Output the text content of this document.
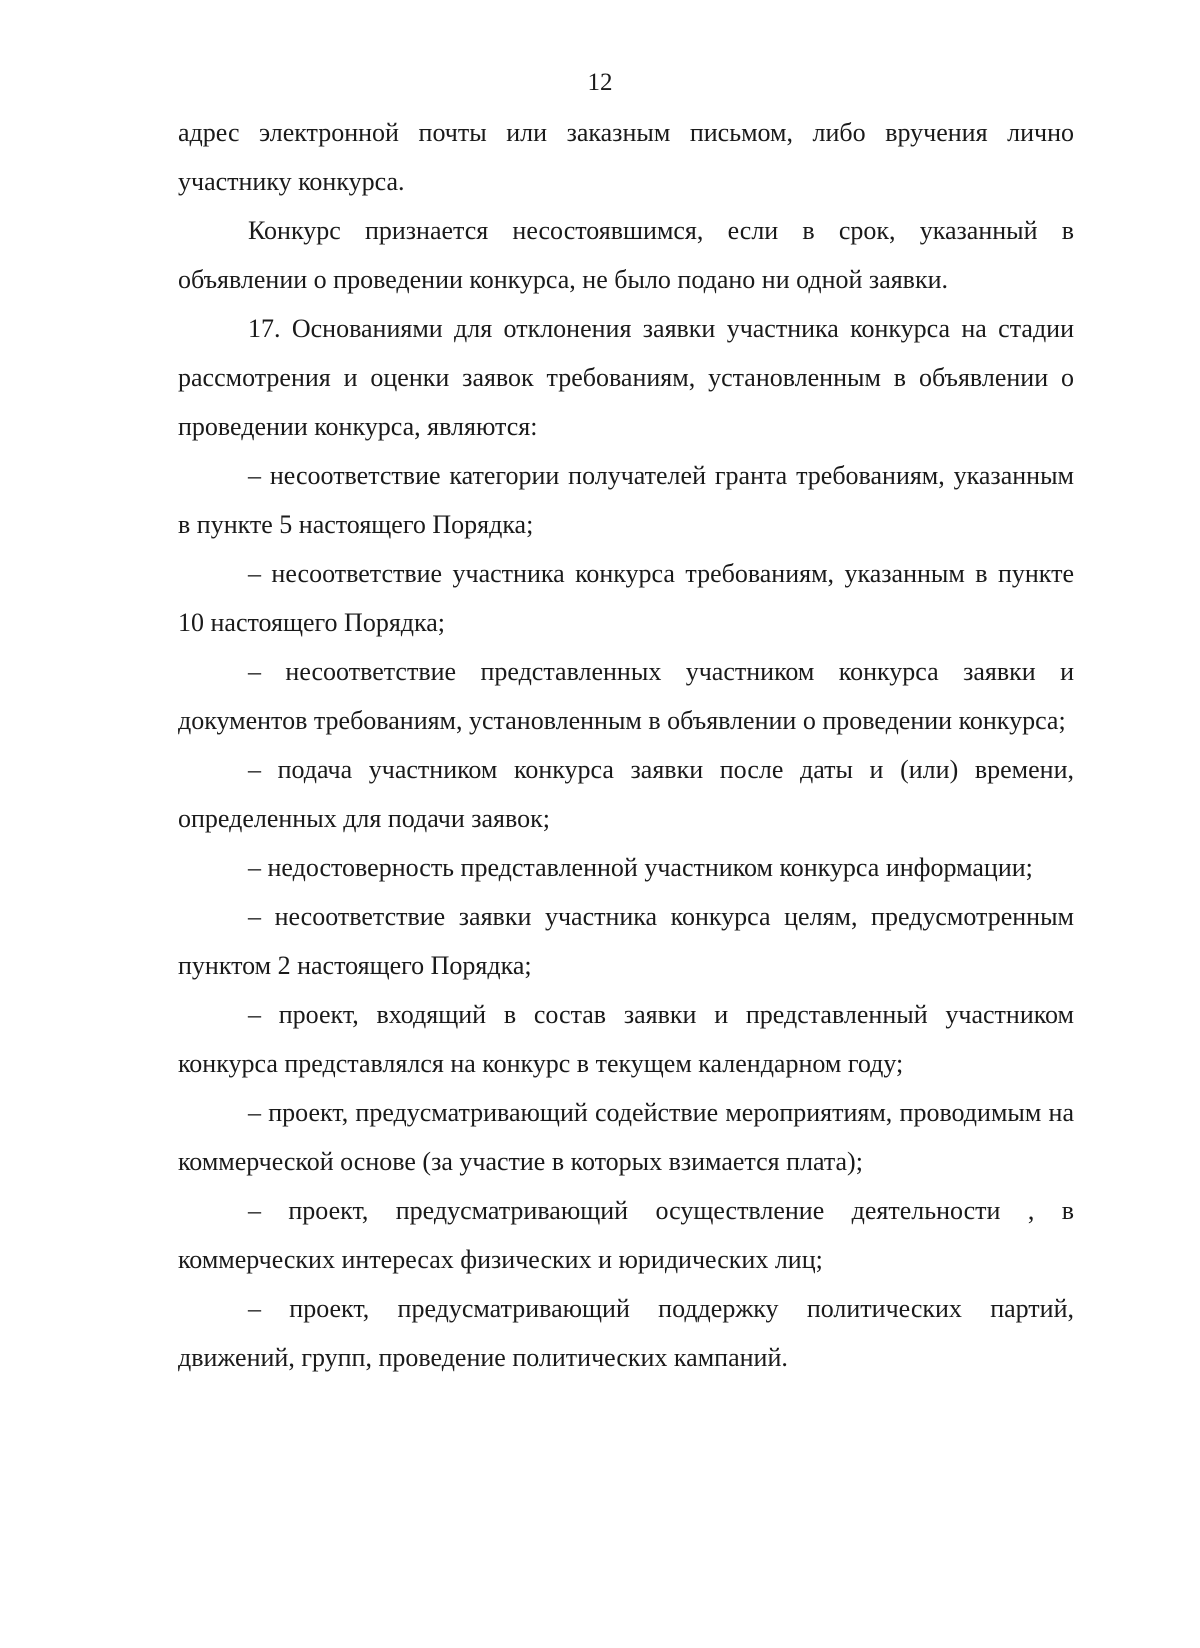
12

адрес электронной почты или заказным письмом, либо вручения лично участнику конкурса.

Конкурс признается несостоявшимся, если в срок, указанный в объявлении о проведении конкурса, не было подано ни одной заявки.

17. Основаниями для отклонения заявки участника конкурса на стадии рассмотрения и оценки заявок требованиям, установленным в объявлении о проведении конкурса, являются:

– несоответствие категории получателей гранта требованиям, указанным в пункте 5 настоящего Порядка;

– несоответствие участника конкурса требованиям, указанным в пункте 10 настоящего Порядка;

– несоответствие представленных участником конкурса заявки и документов требованиям, установленным в объявлении о проведении конкурса;

– подача участником конкурса заявки после даты и (или) времени, определенных для подачи заявок;

– недостоверность представленной участником конкурса информации;

– несоответствие заявки участника конкурса целям, предусмотренным пунктом 2 настоящего Порядка;

– проект, входящий в состав заявки и представленный участником конкурса представлялся на конкурс в текущем календарном году;

– проект, предусматривающий содействие мероприятиям, проводимым на коммерческой основе (за участие в которых взимается плата);

– проект, предусматривающий осуществление деятельности , в коммерческих интересах физических и юридических лиц;

– проект, предусматривающий поддержку политических партий, движений, групп, проведение политических кампаний.
